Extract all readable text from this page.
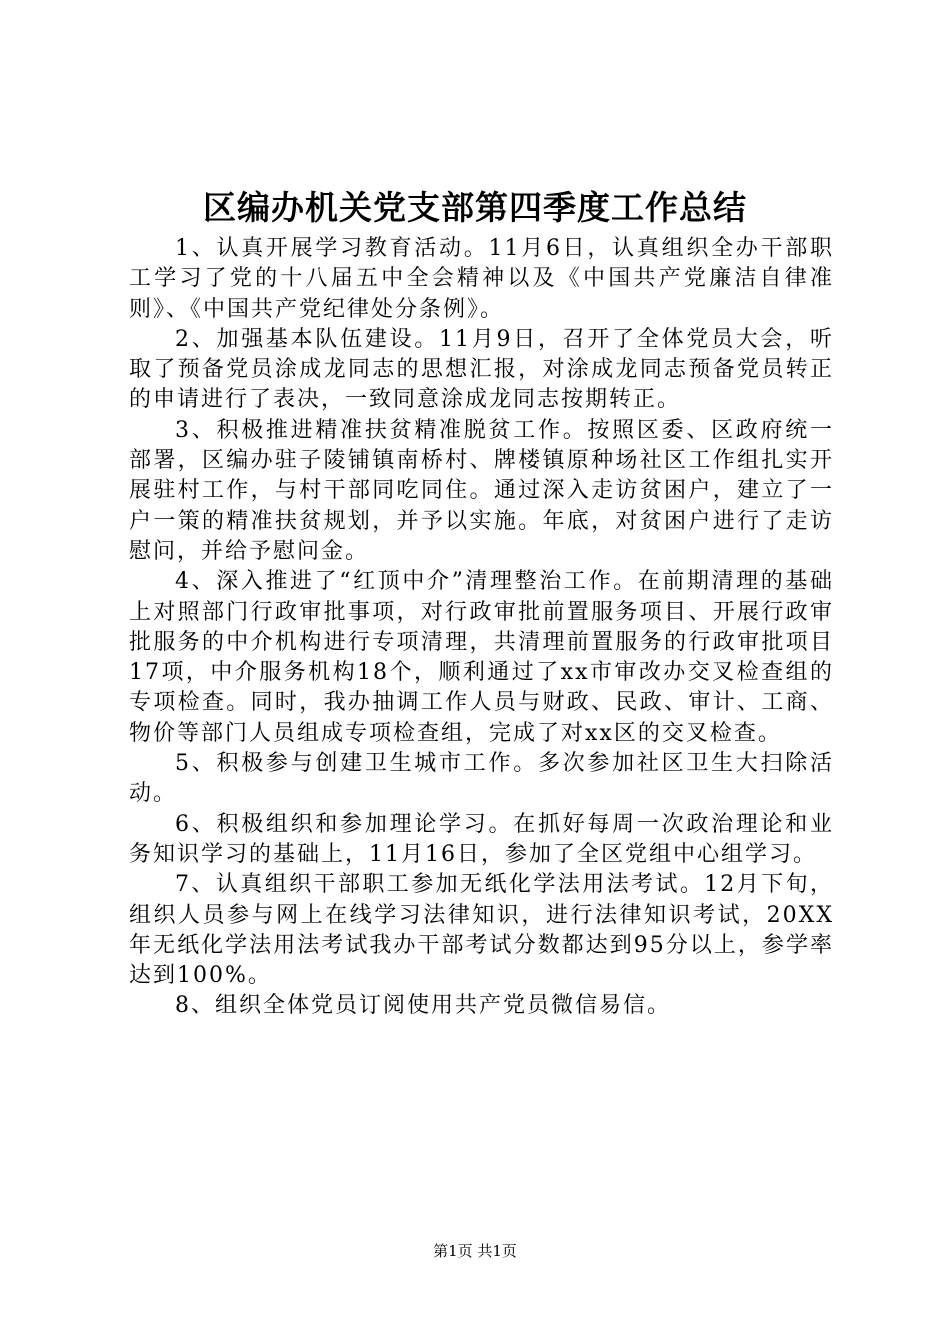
区编办机关党支部第四季度工作总结

1、认真开展学习教育活动。11月6日，认真组织全办干部职工学习了党的十八届五中全会精神以及《中国共产党廉洁自律准则》、《中国共产党纪律处分条例》。

2、加强基本队伍建设。11月9日，召开了全体党员大会，听取了预备党员涂成龙同志的思想汇报，对涂成龙同志预备党员转正的申请进行了表决，一致同意涂成龙同志按期转正。

3、积极推进精准扶贫精准脱贫工作。按照区委、区政府统一部署，区编办驻子陵铺镇南桥村、牌楼镇原种场社区工作组扎实开展驻村工作，与村干部同吃同住。通过深入走访贫困户，建立了一户一策的精准扶贫规划，并予以实施。年底，对贫困户进行了走访慰问，并给予慰问金。

4、深入推进了“红顶中介”清理整治工作。在前期清理的基础上对照部门行政审批事项，对行政审批前置服务项目、开展行政审批服务的中介机构进行专项清理，共清理前置服务的行政审批项目17项，中介服务机构18个，顺利通过了xx市审改办交叉检查组的专项检查。同时，我办抽调工作人员与财政、民政、审计、工商、物价等部门人员组成专项检查组，完成了对xx区的交叉检查。

5、积极参与创建卫生城市工作。多次参加社区卫生大扫除活动。

6、积极组织和参加理论学习。在抓好每周一次政治理论和业务知识学习的基础上，11月16日，参加了全区党组中心组学习。

7、认真组织干部职工参加无纸化学法用法考试。12月下旬，组织人员参与网上在线学习法律知识，进行法律知识考试，20XX年无纸化学法用法考试我办干部考试分数都达到95分以上，参学率达到100%。

8、组织全体党员订阅使用共产党员微信易信。

第1页 共1页
